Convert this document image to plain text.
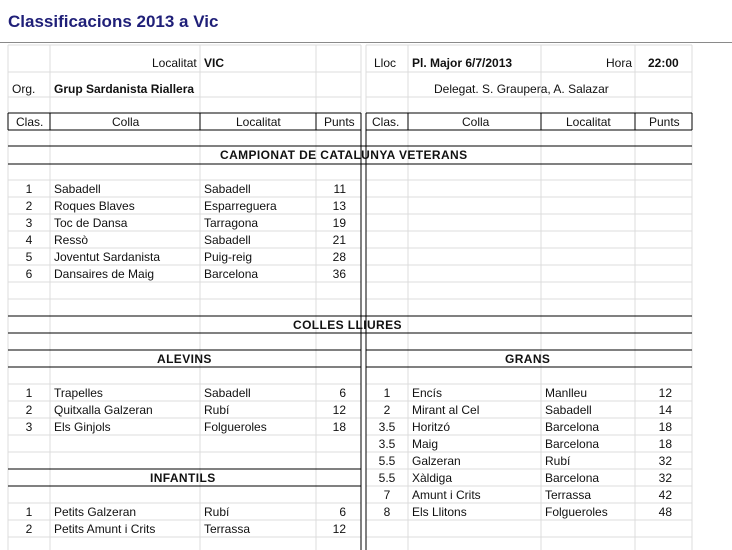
Classificacions 2013 a Vic
Localitat VIC	Lloc Pl. Major 6/7/2013	Hora 22:00
Org. Grup Sardanista Riallera	Delegat. S. Graupera, A. Salazar
Clas.	Colla	Localitat	Punts Clas.	Colla	Localitat	Punts
CAMPIONAT DE CATALUNYA VETERANS
COLLES LLIURES
ALEVINS	GRANS
INFANTILS
1	Sabadell	Sabadell	11
2	Roques Blaves	Esparreguera	13
3	Toc de Dansa	Tarragona	19
4	Ressò	Sabadell	21
5	Joventut Sardanista	Puig-reig	28
6	Dansaires de Maig	Barcelona	36
1	Trapelles	Sabadell	6
2	Quitxalla Galzeran	Rubí	12
3	Els Ginjols	Folgueroles	18
1	Petits Galzeran	Rubí	6
2	Petits Amunt i Crits	Terrassa	12
1	Encís	Manlleu	12
2	Mirant al Cel	Sabadell	14
3.5	Horitzó	Barcelona	18
3.5	Maig	Barcelona	18
5.5	Galzeran	Rubí	32
5.5	Xàldiga	Barcelona	32
7	Amunt i Crits	Terrassa	42
8	Els Llitons	Folgueroles	48
